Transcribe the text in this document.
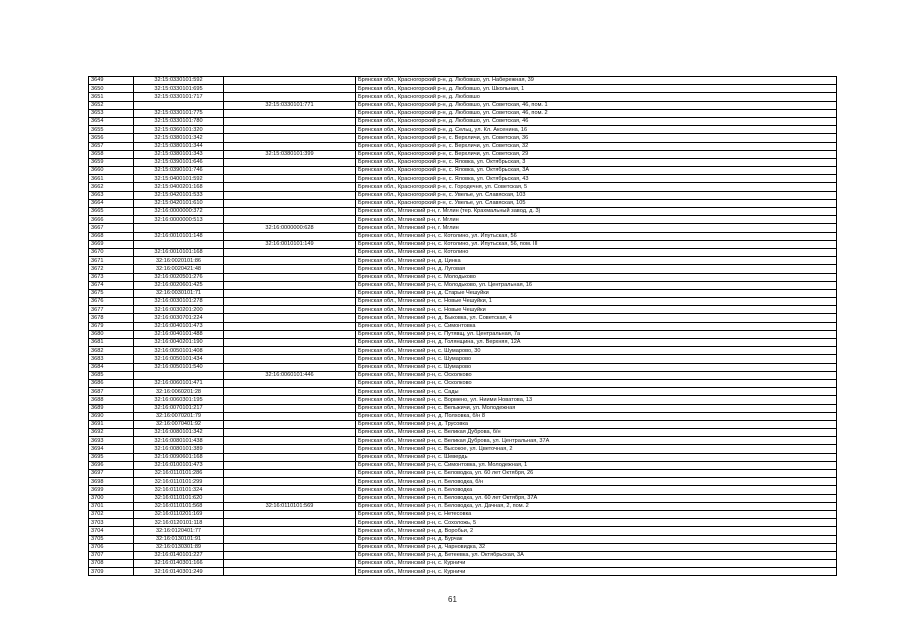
3649	32:15:0330101:592		Брянская обл., Красногорский р-н, д. Любовшо, ул. Набережная, 39
3650	32:15:0330101:695		Брянская обл., Красногорский р-н, д. Любовшо, ул. Школьная, 1
3651	32:15:0330101:717		Брянская обл., Красногорский р-н, д. Любовшо
3652		32:15:0330101:771	Брянская обл., Красногорский р-н, д. Любовшо, ул. Советская, 46, пом. 1
3653	32:15:0330101:775		Брянская обл., Красногорский р-н, д. Любовшо, ул. Советская, 46, пом. 2
3654	32:15:0330101:780		Брянская обл., Красногорский р-н, д. Любовшо, ул. Советская, 46
3655	32:15:0360101:320		Брянская обл., Красногорский р-н, д. Сельц, ул. Кл. Аксенина, 16
3656	32:15:0380101:342		Брянская обл., Красногорский р-н, с. Верхличи, ул. Советская, 36
3657	32:15:0380101:344		Брянская обл., Красногорский р-н, с. Верхличи, ул. Советская, 32
3658	32:15:0380101:343	32:15:0380101:399	Брянская обл., Красногорский р-н, с. Верхличи, ул. Советская, 29
3659	32:15:0390101:646		Брянская обл., Красногорский р-н, с. Яловка, ул. Октябрьская, 3
3660	32:15:0390101:746		Брянская обл., Красногорский р-н, с. Яловка, ул. Октябрьская, 3А
3661	32:15:0400101:592		Брянская обл., Красногорский р-н, с. Яловка, ул. Октябрьская, 43
3662	32:15:0400201:168		Брянская обл., Красногорский р-н, с. Городечня, ул. Советская, 5
3663	32:15:0420101:533		Брянская обл., Красногорский р-н, с. Увелье, ул. Славяская, 103
3664	32:15:0420101:610		Брянская обл., Красногорский р-н, с. Увелье, ул. Славяская, 105
3665	32:16:0000000:372		Брянская обл., Мглинский р-н, г. Мглин (тер. Крахмальный завод, д. 3)
3666	32:16:0000000:513		Брянская обл., Мглинский р-н, г. Мглин
3667		32:16:0000000:628	Брянская обл., Мглинский р-н, г. Мглин
3668	32:16:0010101:148		Брянская обл., Мглинский р-н, с. Котолино, ул. Ипутьская, 56
3669		32:16:0010101:149	Брянская обл., Мглинский р-н, с. Котолино, ул. Ипутьская, 56, пом. III
3670	32:16:0010101:168		Брянская обл., Мглинский р-н, с. Котолино
3671	32:16:0020101:86		Брянская обл., Мглинский р-н, д. Цинка
3672	32:16:0020421:48		Брянская обл., Мглинский р-н, д. Луговая
3673	32:16:0020501:276		Брянская обл., Мглинский р-н, с. Молодьково
3674	32:16:0020601:425		Брянская обл., Мглинский р-н, с. Молодьково, ул. Центральная, 16
3675	32:16:0030101:71		Брянская обл., Мглинский р-н, д. Старые Чешуйки
3676	32:16:0030101:278		Брянская обл., Мглинский р-н, с. Новые Чешуйки, 1
3677	32:16:0030201:200		Брянская обл., Мглинский р-н, с. Новые Чешуйки
3678	32:16:0030701:224		Брянская обл., Мглинский р-н, д. Быковка, ул. Советская, 4
3679	32:16:0040101:473		Брянская обл., Мглинский р-н, с. Симонтовка
3680	32:16:0040101:488		Брянская обл., Мглинский р-н, с. Путявщ, ул. Центральная, 7а
3681	32:16:0040201:190		Брянская обл., Мглинский р-н, д. Голянщина, ул. Верхняя, 12А
3682	32:16:0050101:408		Брянская обл., Мглинский р-н, с. Шумарово, 30
3683	32:16:0050101:434		Брянская обл., Мглинский р-н, с. Шумарово
3684	32:16:0050101:540		Брянская обл., Мглинский р-н, с. Шумарово
3685		32:16:0060101:446	Брянская обл., Мглинский р-н, с. Осколково
3686	32:16:0060101:471		Брянская обл., Мглинский р-н, с. Осколково
3687	32:16:0060201:28		Брянская обл., Мглинский р-н, с. Сады
3688	32:16:0060301:195		Брянская обл., Мглинский р-н, с. Вормено, ул. Ниими Новатова, 13
3689	32:16:0070101:217		Брянская обл., Мглинский р-н, с. Вельжичи, ул. Молодежная
3690	32:16:0070201:79		Брянская обл., Мглинский р-н, д. Полховка, б/н 8
3691	32:16:0070401:92		Брянская обл., Мглинский р-н, д. Трусовка
3692	32:16:0080101:342		Брянская обл., Мглинский р-н, с. Великая Дуброва, б/н
3693	32:16:0080101:438		Брянская обл., Мглинский р-н, с. Великая Дуброва, ул. Центральная, 37А
3694	32:16:0080101:389		Брянская обл., Мглинский р-н, с. Высокое, ул. Цветочная, 2
3695	32:16:0090601:168		Брянская обл., Мглинский р-н, с. Шевердь
3696	32:16:0100101:473		Брянская обл., Мглинский р-н, с. Симонтовка, ул. Молодежная, 1
3697	32:16:0110101:286		Брянская обл., Мглинский р-н, с. Беловодка, ул. 60 лет Октября, 26
3698	32:16:0110101:299		Брянская обл., Мглинский р-н, п. Беловодка, б/н
3699	32:16:0110101:324		Брянская обл., Мглинский р-н, п. Беловодка
3700	32:16:0110101:620		Брянская обл., Мглинский р-н, п. Беловодка, ул. 60 лет Октября, 37А
3701	32:16:0110101:568	32:16:0110101:569	Брянская обл., Мглинский р-н, п. Беловодка, ул. Дачная, 2, пом. 2
3702	32:16:0110201:169		Брянская обл., Мглинский р-н, с. Нетесовка
3703	32:16:0120101:118		Брянская обл., Мглинский р-н, с. Сохоложь, 5
3704	32:16:0120401:77		Брянская обл., Мглинский р-н, д. Воробьи, 2
3705	32:16:0130101:91		Брянская обл., Мглинский р-н, д. Бурчак
3706	32:16:0130301:89		Брянская обл., Мглинский р-н, д. Чарновидка, 32
3707	32:16:0140101:227		Брянская обл., Мглинский р-н, д. Бетеевка, ул. Октябрьская, 3А
3708	32:16:0140301:166		Брянская обл., Мглинский р-н, с. Курничи
3709	32:16:0140301:249		Брянская обл., Мглинский р-н, с. Курничи
61
